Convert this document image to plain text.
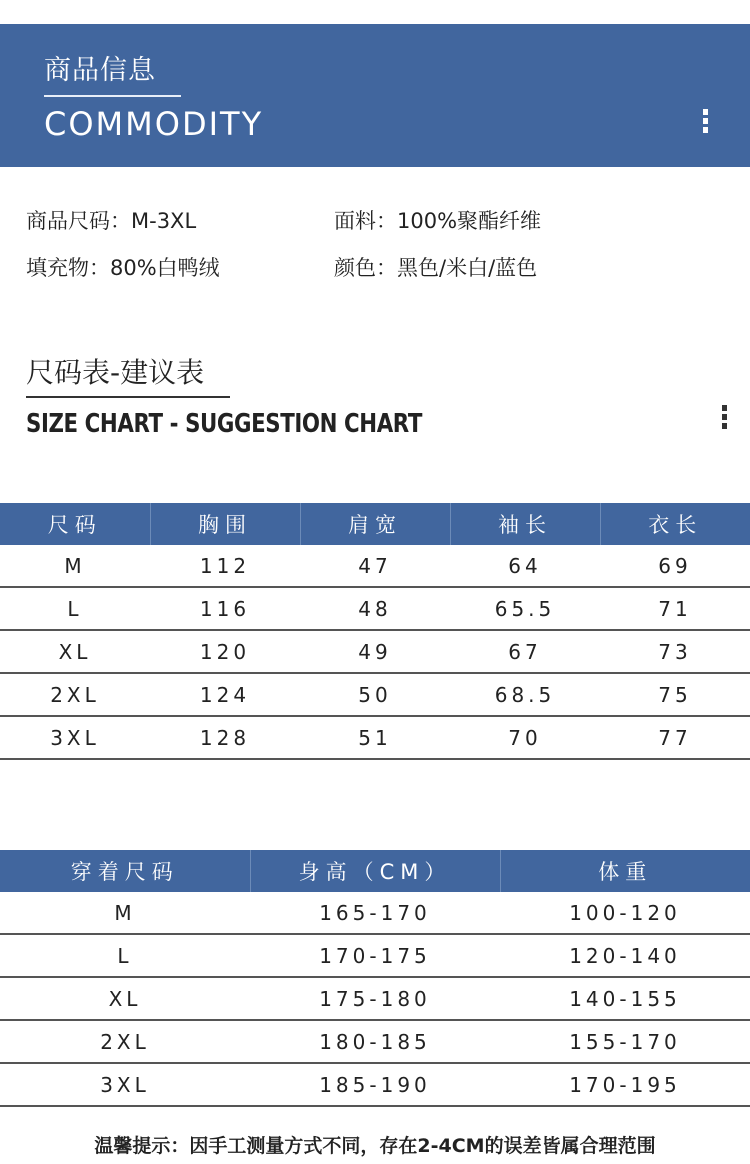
商品信息
COMMODITY
商品尺码：M-3XL	面料：100%聚酯纤维
填充物：80%白鸭绒	颜色：黑色/米白/蓝色
尺码表-建议表
SIZE CHART - SUGGESTION CHART
尺码	胸围	肩宽	袖长	衣长
M	112	47	64	69
L	116	48	65.5	71
XL	120	49	67	73
2XL	124	50	68.5	75
3XL	128	51	70	77
穿着尺码	身高（CM）	体重
M	165-170	100-120
L	170-175	120-140
XL	175-180	140-155
2XL	180-185	155-170
3XL	185-190	170-195
温馨提示：因手工测量方式不同，存在2-4CM的误差皆属合理范围
